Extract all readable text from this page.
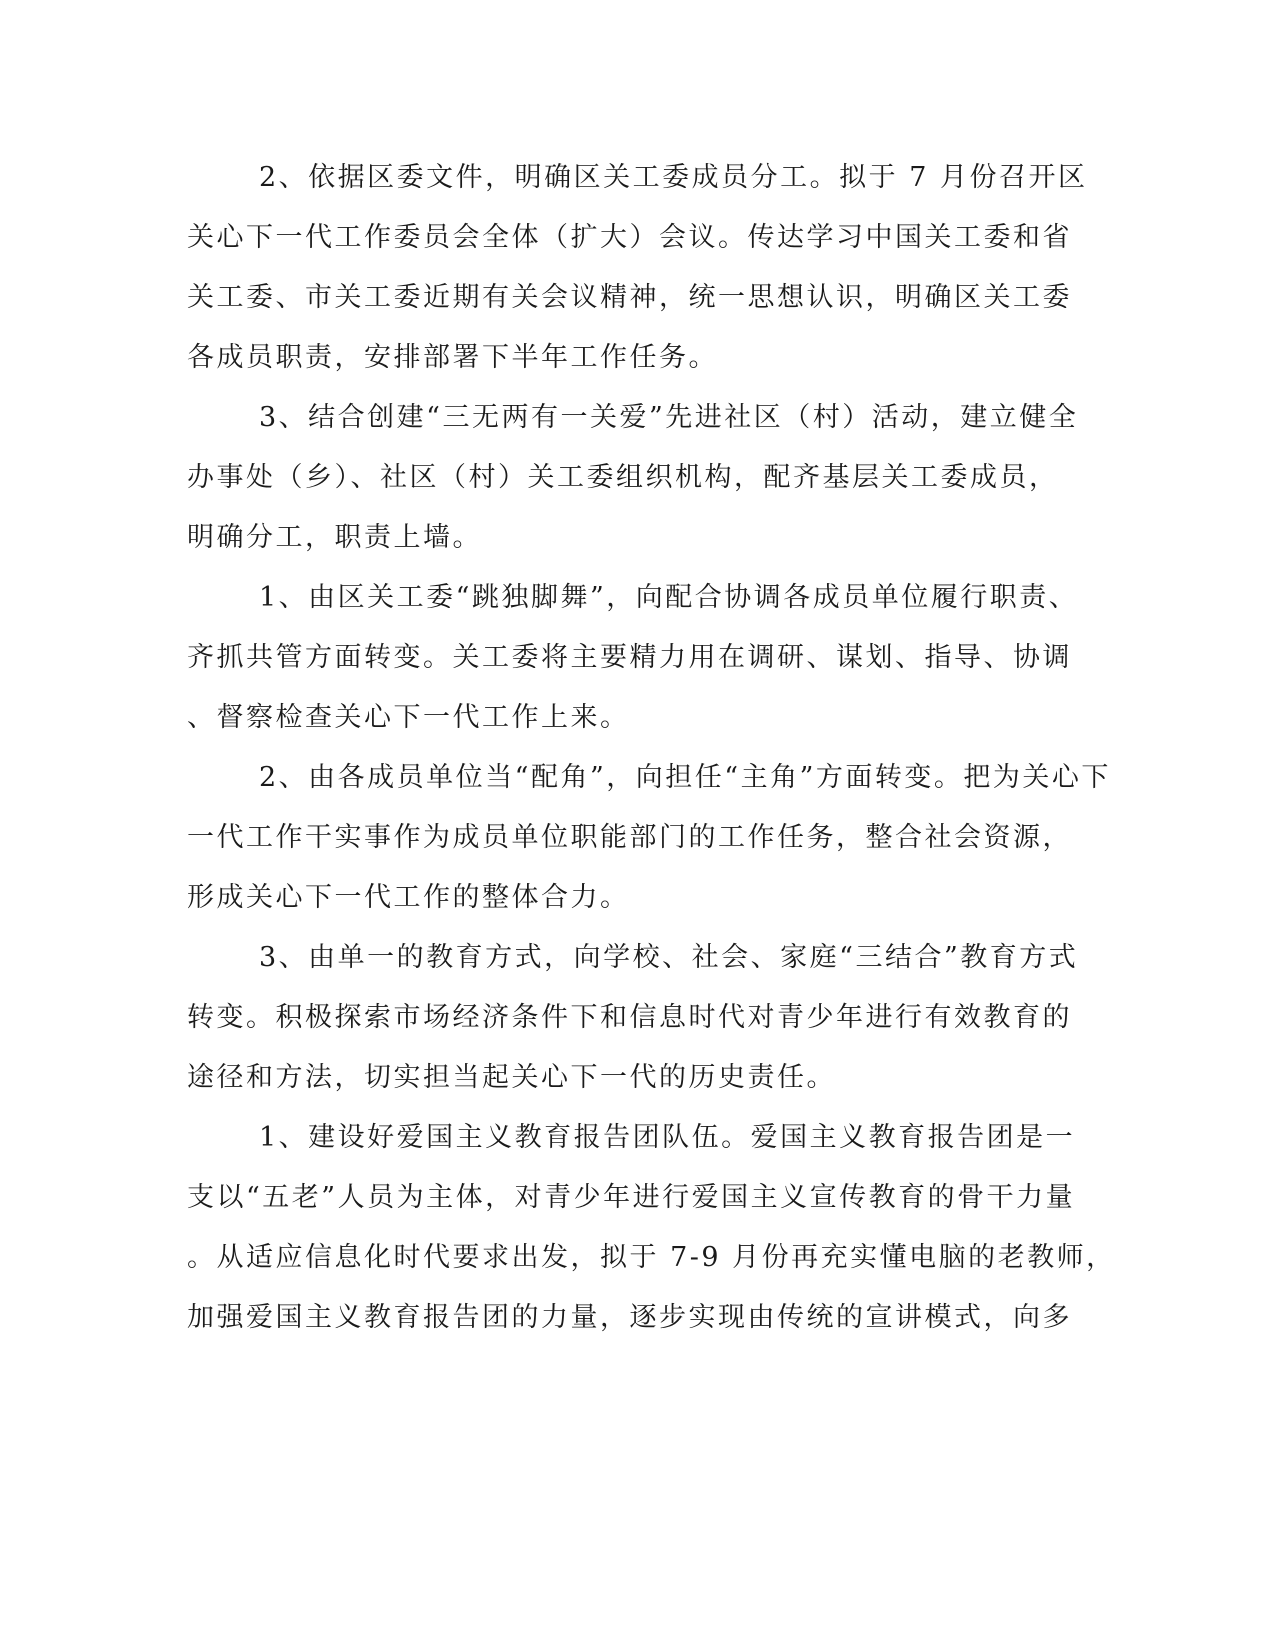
2、依据区委文件，明确区关工委成员分工。拟于 7 月份召开区
关心下一代工作委员会全体（扩大）会议。传达学习中国关工委和省
关工委、市关工委近期有关会议精神，统一思想认识，明确区关工委
各成员职责，安排部署下半年工作任务。
3、结合创建“三无两有一关爱”先进社区（村）活动，建立健全
办事处（乡）、社区（村）关工委组织机构，配齐基层关工委成员，
明确分工，职责上墙。
1、由区关工委“跳独脚舞”，向配合协调各成员单位履行职责、
齐抓共管方面转变。关工委将主要精力用在调研、谋划、指导、协调
、督察检查关心下一代工作上来。
2、由各成员单位当“配角”，向担任“主角”方面转变。把为关心下
一代工作干实事作为成员单位职能部门的工作任务，整合社会资源，
形成关心下一代工作的整体合力。
3、由单一的教育方式，向学校、社会、家庭“三结合”教育方式
转变。积极探索市场经济条件下和信息时代对青少年进行有效教育的
途径和方法，切实担当起关心下一代的历史责任。
1、建设好爱国主义教育报告团队伍。爱国主义教育报告团是一
支以“五老”人员为主体，对青少年进行爱国主义宣传教育的骨干力量
。从适应信息化时代要求出发，拟于 7-9 月份再充实懂电脑的老教师，
加强爱国主义教育报告团的力量，逐步实现由传统的宣讲模式，向多
